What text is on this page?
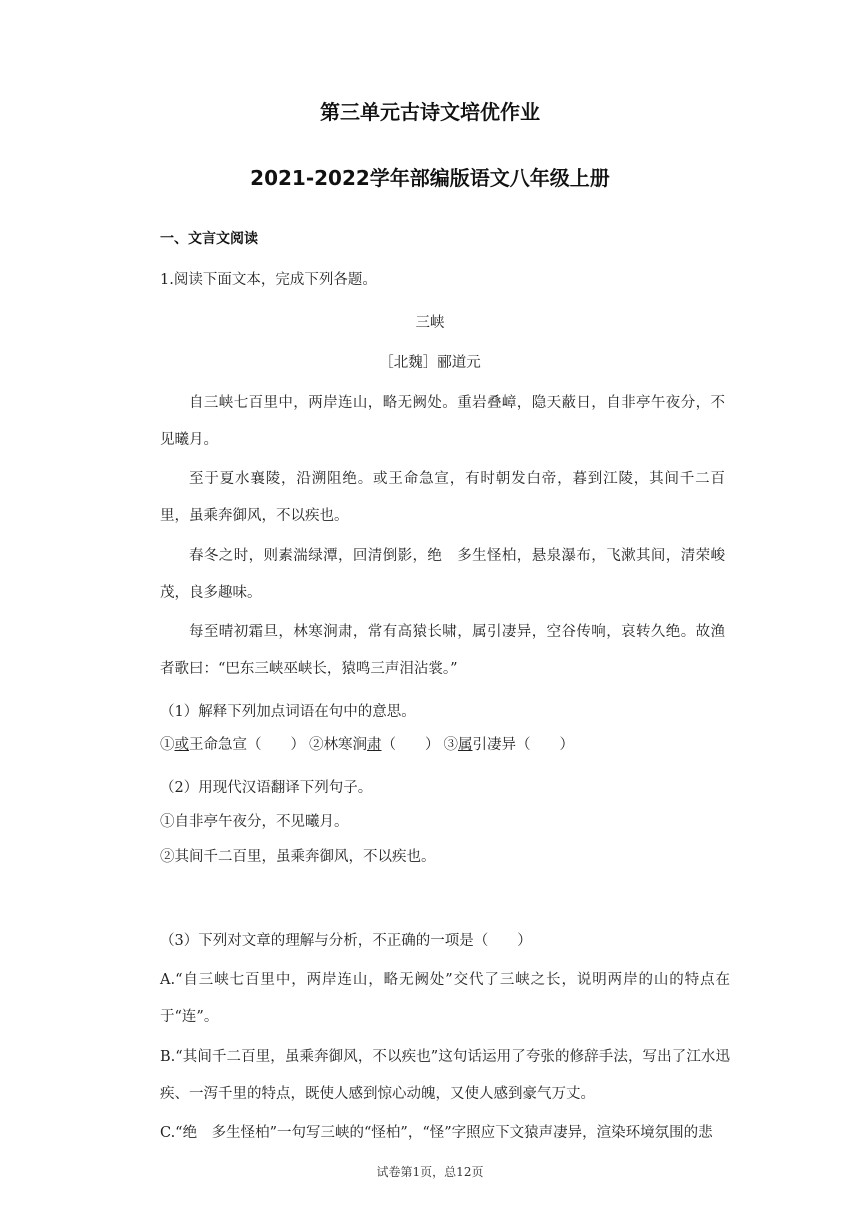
第三单元古诗文培优作业
2021-2022学年部编版语文八年级上册
一、文言文阅读
1.阅读下面文本，完成下列各题。
三峡
［北魏］郦道元
自三峡七百里中，两岸连山，略无阙处。重岩叠嶂，隐天蔽日，自非亭午夜分，不见曦月。
至于夏水襄陵，沿溯阻绝。或王命急宣，有时朝发白帝，暮到江陵，其间千二百里，虽乘奔御风，不以疾也。
春冬之时，则素湍绿潭，回清倒影，绝　多生怪柏，悬泉瀑布，飞漱其间，清荣峻茂，良多趣味。
每至晴初霜旦，林寒涧肃，常有高猿长啸，属引凄异，空谷传响，哀转久绝。故渔者歌曰：“巴东三峡巫峡长，猿鸣三声泪沾裳。”
（1）解释下列加点词语在句中的意思。
①或王命急宣（　　） ②林寒涧肃（　　） ③属引凄异（　　）
（2）用现代汉语翻译下列句子。
①自非亭午夜分，不见曦月。
②其间千二百里，虽乘奔御风，不以疾也。
（3）下列对文章的理解与分析，不正确的一项是（　　）
A.“自三峡七百里中，两岸连山，略无阙处”交代了三峡之长，说明两岸的山的特点在于“连”。
B.“其间千二百里，虽乘奔御风，不以疾也”这句话运用了夸张的修辞手法，写出了江水迅疾、一泻千里的特点，既使人感到惊心动魄，又使人感到豪气万丈。
C.“绝　多生怪柏”一句写三峡的“怪柏”，“怪”字照应下文猿声凄异，渲染环境氛围的悲
试卷第1页，总12页
